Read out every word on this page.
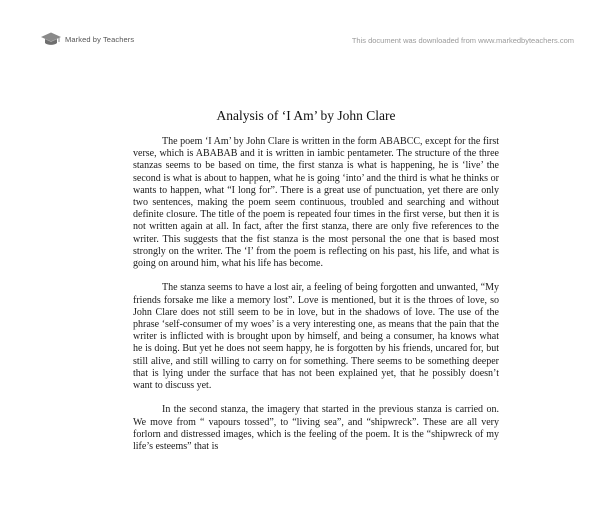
Marked by Teachers	This document was downloaded from www.markedbyteachers.com
Analysis of ‘I Am’ by John Clare

The poem ‘I Am’ by John Clare is written in the form ABABCC, except for the first verse, which is ABABAB and it is written in iambic pentameter. The structure of the three stanzas seems to be based on time, the first stanza is what is happening, he is ‘live’ the second is what is about to happen, what he is going ‘into’ and the third is what he thinks or wants to happen, what “I long for”. There is a great use of punctuation, yet there are only two sentences, making the poem seem continuous, troubled and searching and without definite closure. The title of the poem is repeated four times in the first verse, but then it is not written again at all. In fact, after the first stanza, there are only five references to the writer. This suggests that the fist stanza is the most personal the one that is based most strongly on the writer. The ‘I’ from the poem is reflecting on his past, his life, and what is going on around him, what his life has become.

The stanza seems to have a lost air, a feeling of being forgotten and unwanted, “My friends forsake me like a memory lost”. Love is mentioned, but it is the throes of love, so John Clare does not still seem to be in love, but in the shadows of love. The use of the phrase ‘self-consumer of my woes’ is a very interesting one, as means that the pain that the writer is inflicted with is brought upon by himself, and being a consumer, ha knows what he is doing. But yet he does not seem happy, he is forgotten by his friends, uncared for, but still alive, and still willing to carry on for something. There seems to be something deeper that is lying under the surface that has not been explained yet, that he possibly doesn’t want to discuss yet.

In the second stanza, the imagery that started in the previous stanza is carried on. We move from “ vapours tossed”, to “living sea”, and “shipwreck”. These are all very forlorn and distressed images, which is the feeling of the poem. It is the “shipwreck of my life’s esteems” that is
